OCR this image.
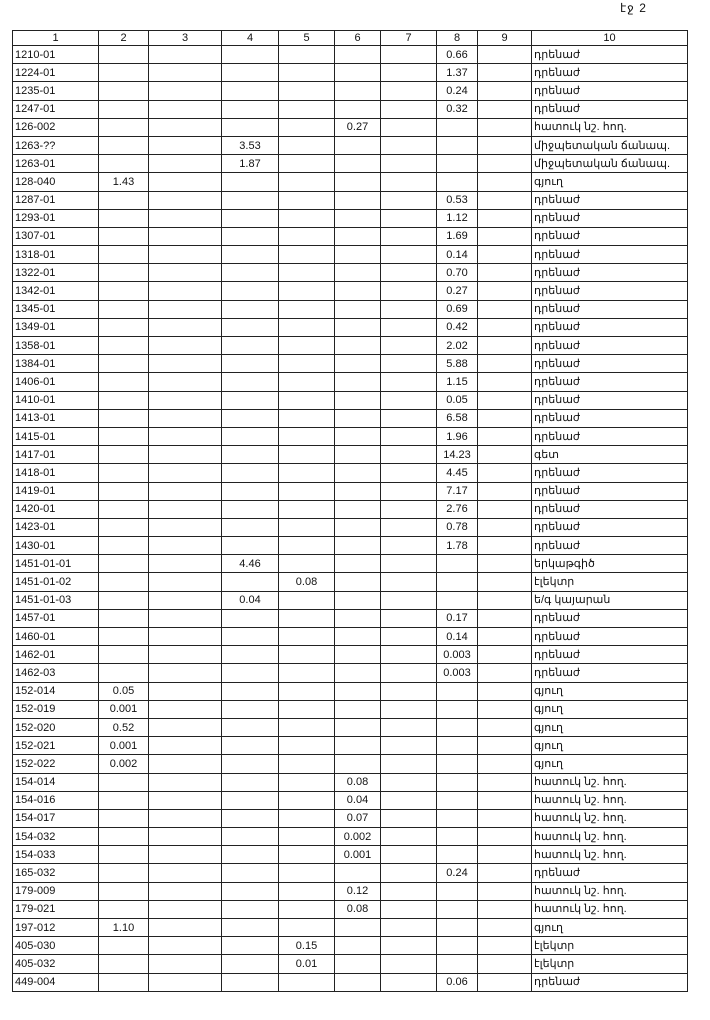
էջ 2
1	2	3	4	5	6	7	8	9	10
1210-01							0.66		դրենաժ
1224-01							1.37		դրենաժ
1235-01							0.24		դրենաժ
1247-01							0.32		դրենաժ
126-002					0.27				հատուկ նշ. հող.
1263-??			3.53						միջպետական ճանապ.
1263-01			1.87						միջպետական ճանապ.
128-040	1.43								գյուղ
1287-01							0.53		դրենաժ
1293-01							1.12		դրենաժ
1307-01							1.69		դրենաժ
1318-01							0.14		դրենաժ
1322-01							0.70		դրենաժ
1342-01							0.27		դրենաժ
1345-01							0.69		դրենաժ
1349-01							0.42		դրենաժ
1358-01							2.02		դրենաժ
1384-01							5.88		դրենաժ
1406-01							1.15		դրենաժ
1410-01							0.05		դրենաժ
1413-01							6.58		դրենաժ
1415-01							1.96		դրենաժ
1417-01							14.23		գետ
1418-01							4.45		դրենաժ
1419-01							7.17		դրենաժ
1420-01							2.76		դրենաժ
1423-01							0.78		դրենաժ
1430-01							1.78		դրենաժ
1451-01-01			4.46						երկաթգիծ
1451-01-02				0.08					էլեկտր
1451-01-03			0.04						ե/գ կայարան
1457-01							0.17		դրենաժ
1460-01							0.14		դրենաժ
1462-01							0.003		դրենաժ
1462-03							0.003		դրենաժ
152-014	0.05								գյուղ
152-019	0.001								գյուղ
152-020	0.52								գյուղ
152-021	0.001								գյուղ
152-022	0.002								գյուղ
154-014					0.08				հատուկ նշ. հող.
154-016					0.04				հատուկ նշ. հող.
154-017					0.07				հատուկ նշ. հող.
154-032					0.002				հատուկ նշ. հող.
154-033					0.001				հատուկ նշ. հող.
165-032							0.24		դրենաժ
179-009					0.12				հատուկ նշ. հող.
179-021					0.08				հատուկ նշ. հող.
197-012	1.10								գյուղ
405-030				0.15					էլեկտր
405-032				0.01					էլեկտր
449-004							0.06		դրենաժ
